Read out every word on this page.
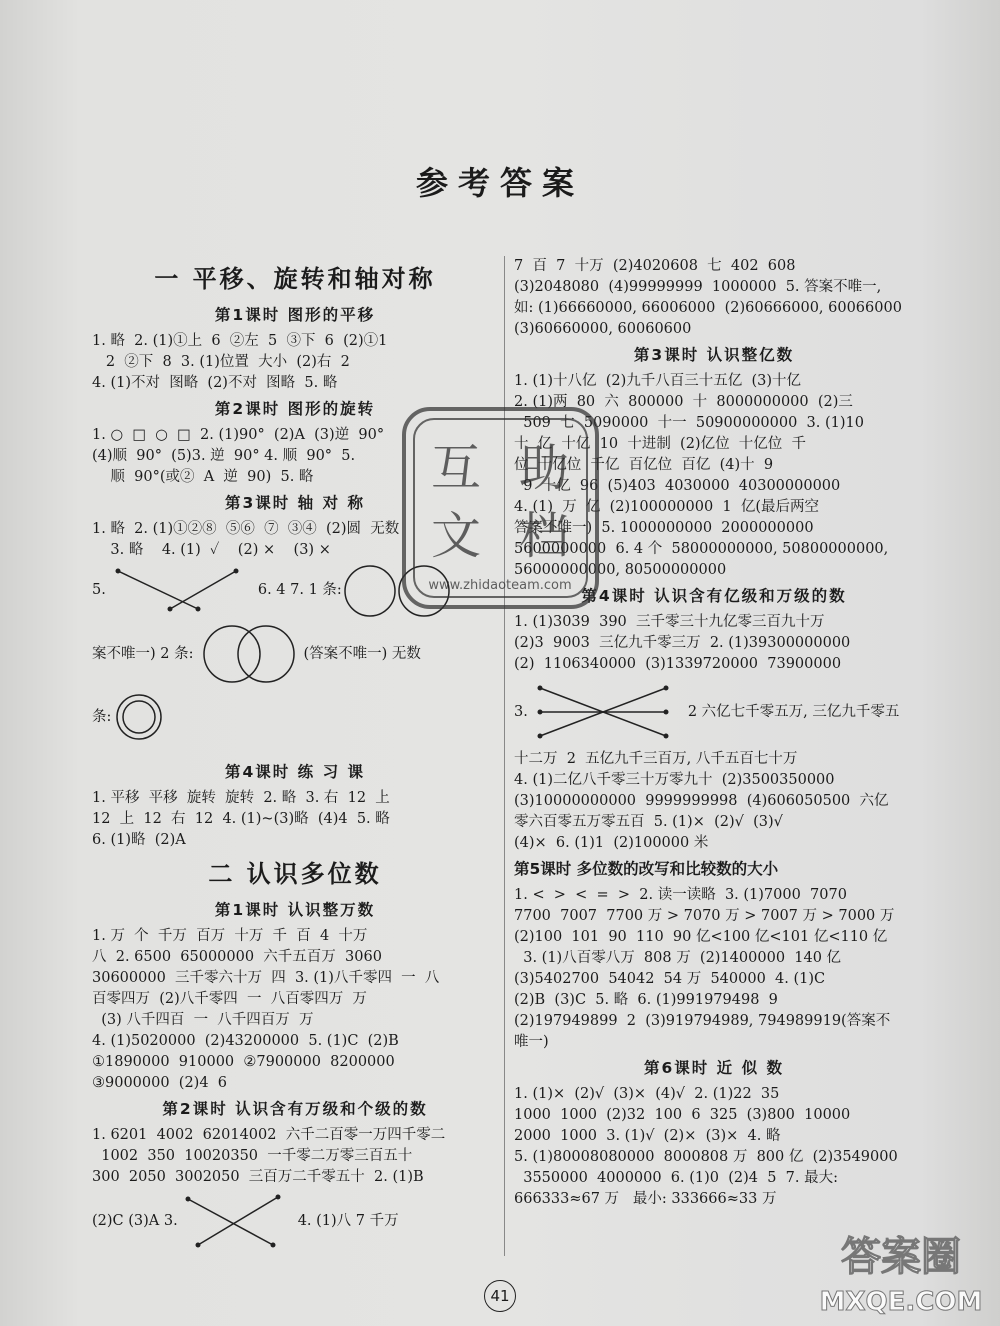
参考答案
一 平移、旋转和轴对称
第1课时 图形的平移
1. 略  2. (1)①上  6  ②左  5  ③下  6  (2)①1
2  ②下  8  3. (1)位置  大小  (2)右  2
4. (1)不对  图略  (2)不对  图略  5. 略
第2课时 图形的旋转
1. ○  □  ○  □  2. (1)90°  (2)A  (3)逆  90°
(4)顺  90°  (5)3. 逆  90° 4. 顺  90°  5.
顺  90°(或②  A  逆  90)  5. 略
第3课时 轴 对 称
1. 略  2. (1)①②⑧  ⑤⑥  ⑦  ③④  (2)圆  无数
3. 略    4. (1)  ✓    (2) ×    (3) ×
5.	6. 4 7. 1 条:
案不唯一) 2 条:	(答案不唯一) 无数
条:
第4课时 练 习 课
1. 平移  平移  旋转  旋转  2. 略  3. 右  12  上
12  上  12  右  12  4. (1)~(3)略  (4)4  5. 略
6. (1)略  (2)A
二 认识多位数
第1课时 认识整万数
1. 万  个  千万  百万  十万  千  百  4  十万
八  2. 6500  65000000  六千五百万  3060
30600000  三千零六十万  四  3. (1)八千零四  一  八
百零四万  (2)八千零四  一  八百零四万  万
(3) 八千四百  一  八千四百万  万
4. (1)5020000  (2)43200000  5. (1)C  (2)B
①1890000  910000  ②7900000  8200000
③9000000  (2)4  6
第2课时 认识含有万级和个级的数
1. 6201  4002  62014002  六千二百零一万四千零二
1002  350  10020350  一千零二万零三百五十
300  2050  3002050  三百万二千零五十  2. (1)B
(2)C (3)A 3.	4. (1)八 7 千万
7  百  7  十万  (2)4020608  七  402  608
(3)2048080  (4)99999999  1000000  5. 答案不唯一,
如: (1)66660000, 66006000  (2)60666000, 60066000
(3)60660000, 60060600
第3课时 认识整亿数
1. (1)十八亿  (2)九千八百三十五亿  (3)十亿
2. (1)两  80  六  800000  十  8000000000  (2)三
509  七  5090000  十一  50900000000  3. (1)10
十  亿  十亿  10  十进制  (2)亿位  十亿位  千
位  十亿位  千亿  百亿位  百亿  (4)十  9
9  十亿  96  (5)403  4030000  40300000000
4. (1)  万  亿  (2)100000000  1  亿(最后两空
答案不唯一)  5. 1000000000  2000000000
5600000000  6. 4 个  58000000000, 50800000000,
56000000000, 80500000000
第4课时 认识含有亿级和万级的数
1. (1)3039  390  三千零三十九亿零三百九十万
(2)3  9003  三亿九千零三万  2. (1)39300000000
(2)  1106340000  (3)1339720000  73900000
3.	2 六亿七千零五万, 三亿九千零五
十二万  2  五亿九千三百万, 八千五百七十万
4. (1)二亿八千零三十万零九十  (2)3500350000
(3)10000000000  9999999998  (4)606050500  六亿
零六百零五万零五百  5. (1)×  (2)√  (3)√
(4)×  6. (1)1  (2)100000 米
第5课时 多位数的改写和比较数的大小
1. <  >  <  =  >  2. 读一读略  3. (1)7000  7070
7700  7007  7700 万 > 7070 万 > 7007 万 > 7000 万
(2)100  101  90  110  90 亿<100 亿<101 亿<110 亿
3. (1)八百零八万  808 万  (2)1400000  140 亿
(3)5402700  54042  54 万  540000  4. (1)C
(2)B  (3)C  5. 略  6. (1)991979498  9
(2)197949899  2  (3)919794989, 794989919(答案不
唯一)
第6课时 近 似 数
1. (1)×  (2)√  (3)×  (4)√  2. (1)22  35
1000  1000  (2)32  100  6  325  (3)800  10000
2000  1000  3. (1)√  (2)×  (3)×  4. 略
5. (1)80008080000  8000808 万  800 亿  (2)3549000
3550000  4000000  6. (1)0  (2)4  5  7. 最大:
666333≈67 万   最小: 333666≈33 万
互 助
文 档
www.zhidaoteam.com
答案圈
MXQE.COM
41
